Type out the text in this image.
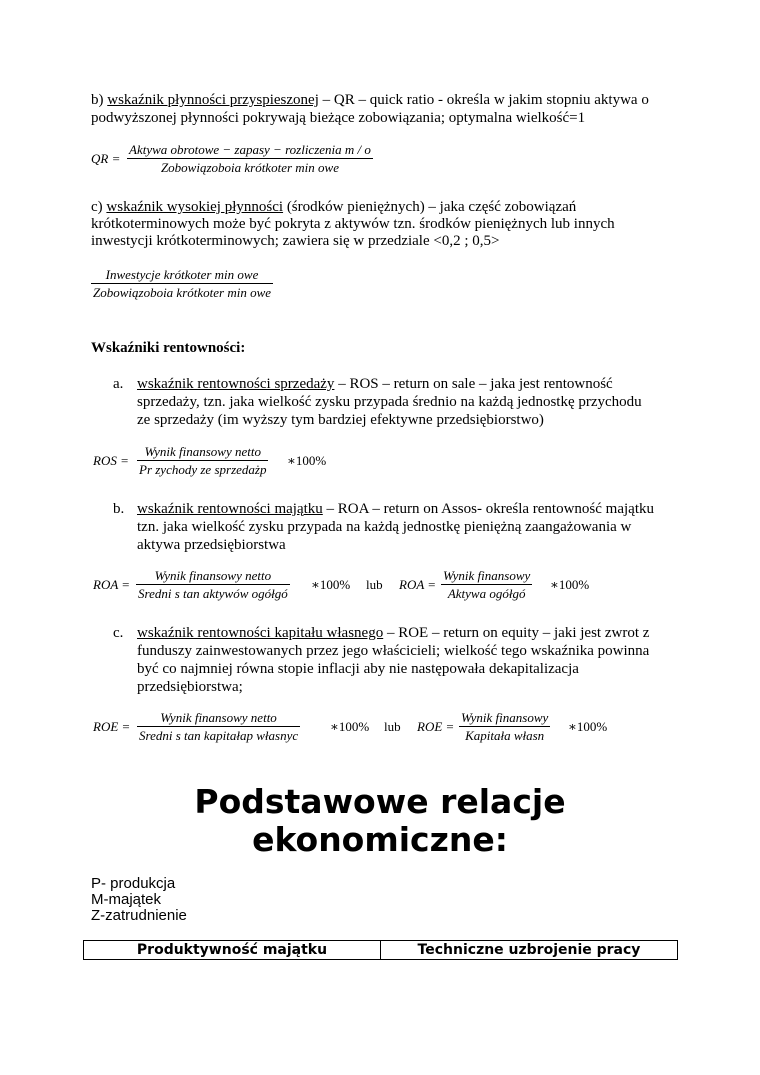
b) wskaźnik płynności przyspieszonej – QR – quick ratio - określa w jakim stopniu aktywa o
podwyższonej płynności pokrywają bieżące zobowiązania; optymalna wielkość=1
QR =
Aktywa obrotowe − zapasy − rozliczenia m / o
Zobowiązoboia krótkoter min owe
c) wskaźnik wysokiej płynności (środków pieniężnych) – jaka część zobowiązań
krótkoterminowych może być pokryta z aktywów tzn. środków pieniężnych lub innych
inwestycji krótkoterminowych; zawiera się w przedziale <0,2 ; 0,5>
Inwestycje krótkoter min owe
Zobowiązoboia krótkoter min owe
Wskaźniki rentowności:
a. wskaźnik rentowności sprzedaży – ROS – return on sale – jaka jest rentowność
sprzedaży, tzn. jaka wielkość zysku przypada średnio na każdą jednostkę przychodu
ze sprzedaży (im wyższy tym bardziej efektywne przedsiębiorstwo)
ROS =
Wynik finansowy netto
Pr zychody ze sprzedażp
∗100%
b. wskaźnik rentowności majątku – ROA – return on Assos- określa rentowność majątku
tzn. jaka wielkość zysku przypada na każdą jednostkę pieniężną zaangażowania w
aktywa przedsiębiorstwa
ROA =
Wynik finansowy netto
Sredni s tan aktywów ogółgó
∗100% lub ROA =
Wynik finansowy
Aktywa ogółgó
∗100%
c. wskaźnik rentowności kapitału własnego – ROE – return on equity – jaki jest zwrot z
funduszy zainwestowanych przez jego właścicieli; wielkość tego wskaźnika powinna
być co najmniej równa stopie inflacji aby nie następowała dekapitalizacja
przedsiębiorstwa;
ROE =
Wynik finansowy netto
Sredni s tan kapitałap własnyc
∗100% lub ROE =
Wynik finansowy
Kapitała własn
∗100%
Podstawowe relacje
ekonomiczne:
P- produkcja
M-majątek
Z-zatrudnienie
Produktywność majątku	Techniczne uzbrojenie pracy
